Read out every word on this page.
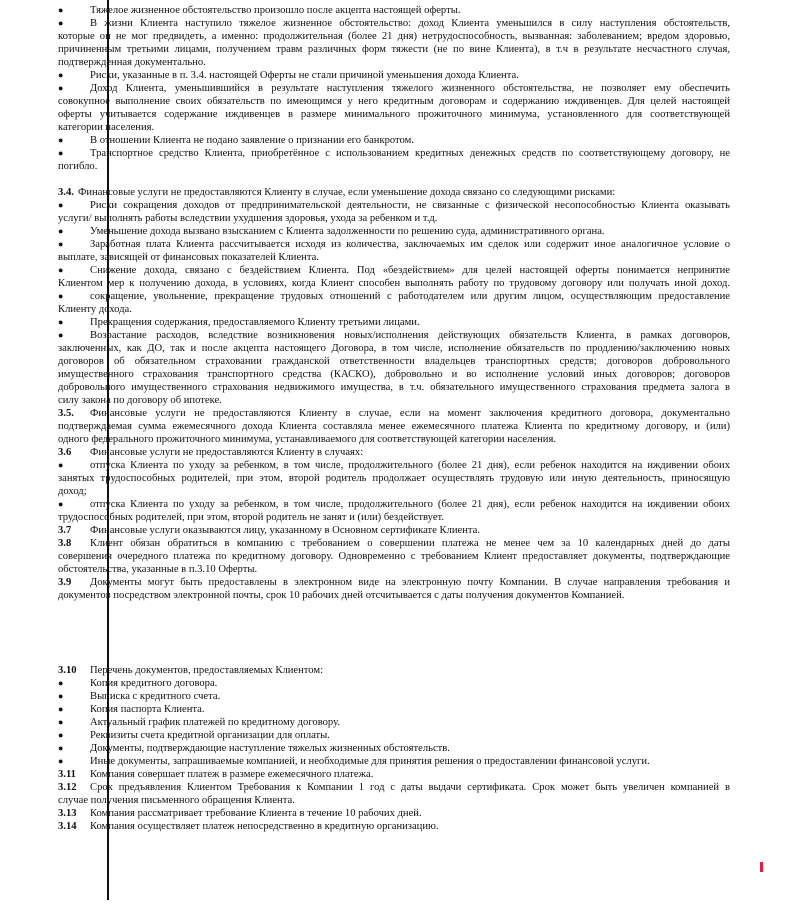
Тяжелое жизненное обстоятельство произошло после акцепта настоящей оферты.
В жизни Клиента наступило тяжелое жизненное обстоятельство: доход Клиента уменьшился в силу наступления обстоятельств,
которые он не мог предвидеть, а именно: продолжительная (более 21 дня) нетрудоспособность, вызванная: заболеванием; вредом здоровью,
причиненным третьими лицами, получением травм различных форм тяжести (не по вине Клиента), в т.ч в результате несчастного случая,
подтвержденная документально.
Риски, указанные в п. 3.4. настоящей Оферты не стали причиной уменьшения дохода Клиента.
Доход Клиента, уменьшившийся в результате наступления тяжелого жизненного обстоятельства, не позволяет ему обеспечить
совокупное выполнение своих обязательств по имеющимся у него кредитным договорам и содержанию иждивенцев. Для целей настоящей
оферты учитывается содержание иждивенцев в размере минимального прожиточного минимума, установленного для соответствующей
категории населения.
В отношении Клиента не подано заявление о признании его банкротом.
Транспортное средство Клиента, приобретённое с использованием кредитных денежных средств по соответствующему договору, не
погибло.
Финансовые услуги не предоставляются Клиенту в случае, если уменьшение дохода связано со следующими рисками:
Риски сокращения доходов от предпринимательской деятельности, не связанные с физической несопособностью Клиента оказывать
услуги/ выполнять работы вследствии ухудшения здоровья, ухода за ребенком и т.д.
Уменьшение дохода вызвано взысканием с Клиента задолженности по решению суда, административного органа.
Заработная плата Клиента рассчитывается исходя из количества, заключаемых им сделок или содержит иное аналогичное условие о
выплате, зависящей от финансовых показателей Клиента.
Снижение дохода, связано с бездействием Клиента. Под «бездействием» для целей настоящей оферты понимается непринятие
Клиентом мер к получению дохода, в условиях, когда Клиент способен выполнять работу по трудовому договору или получать иной доход.
сокращение, увольнение, прекращение трудовых отношений с работодателем или другим лицом, осуществляющим предоставление
Клиенту дохода.
Прекращения содержания, предоставляемого Клиенту третьими лицами.
Возрастание расходов, вследствие возникновения новых/исполнения действующих обязательств Клиента, в рамках договоров,
заключенных, как ДО, так и после акцепта настоящего Договора, в том числе, исполнение обязательств по продлению/заключению новых
договоров об обязательном страховании гражданской ответственности владельцев транспортных средств; договоров добровольного
имущественного страхования транспортного средства (КАСКО), добровольно и во исполнение условий иных договоров; договоров
добровольного имущественного страхования недвижимого имущества, в т.ч. обязательного имущественного страхования предмета залога в
силу закона по договору об ипотеке.
Финансовые услуги не предоставляются Клиенту в случае, если на момент заключения кредитного договора, документально
подтверждаемая сумма ежемесячного дохода Клиента составляла менее ежемесячного платежа Клиента по кредитному договору, и (или)
одного федерального прожиточного минимума, устанавливаемого для соответствующей категории населения.
Финансовые услуги не предоставляются Клиенту в случаях:
отпуска Клиента по уходу за ребенком, в том числе, продолжительного (более 21 дня), если ребенок находится на иждивении обоих
занятых трудоспособных родителей, при этом, второй родитель продолжает осуществлять трудовую или иную деятельность, приносящую
доход;
отпуска Клиента по уходу за ребенком, в том числе, продолжительного (более 21 дня), если ребенок находится на иждивении обоих
трудоспособных родителей, при этом, второй родитель не занят и (или) бездействует.
Финансовые услуги оказываются лицу, указанному в Основном сертификате Клиента.
Клиент обязан обратиться в компанию с требованием о совершении платежа не менее чем за 10 календарных дней до даты
совершения очередного платежа по кредитному договору. Одновременно с требованием Клиент предоставляет документы, подтверждающие
обстоятельства, указанные в п.3.10 Оферты.
Документы могут быть предоставлены в электронном виде на электронную почту Компании. В случае направления требования и
документов посредством электронной почты, срок 10 рабочих дней отсчитывается с даты получения документов Компанией.
Перечень документов, предоставляемых Клиентом:
Копия кредитного договора.
Выписка с кредитного счета.
Копия паспорта Клиента.
Актуальный график платежей по кредитному договору.
Реквизиты счета кредитной организации для оплаты.
Документы, подтверждающие наступление тяжелых жизненных обстоятельств.
Иные документы, запрашиваемые компанией, и необходимые для принятия решения о предоставлении финансовой услуги.
Компания совершает платеж в размере ежемесячного платежа.
Срок предъявления Клиентом Требования к Компании 1 год с даты выдачи сертификата. Срок может быть увеличен компанией в
случае получения письменного обращения Клиента.
Компания рассматривает требование Клиента в течение 10 рабочих дней.
Компания осуществляет платеж непосредственно в кредитную организацию.
3.4.
3.5.
3.6
3.7
3.8
3.9
3.10
3.11
3.12
3.13
3.14
●
●
●
●
●
●
●
●
●
●
●
●
●
●
●
●
●
●
●
●
●
●
